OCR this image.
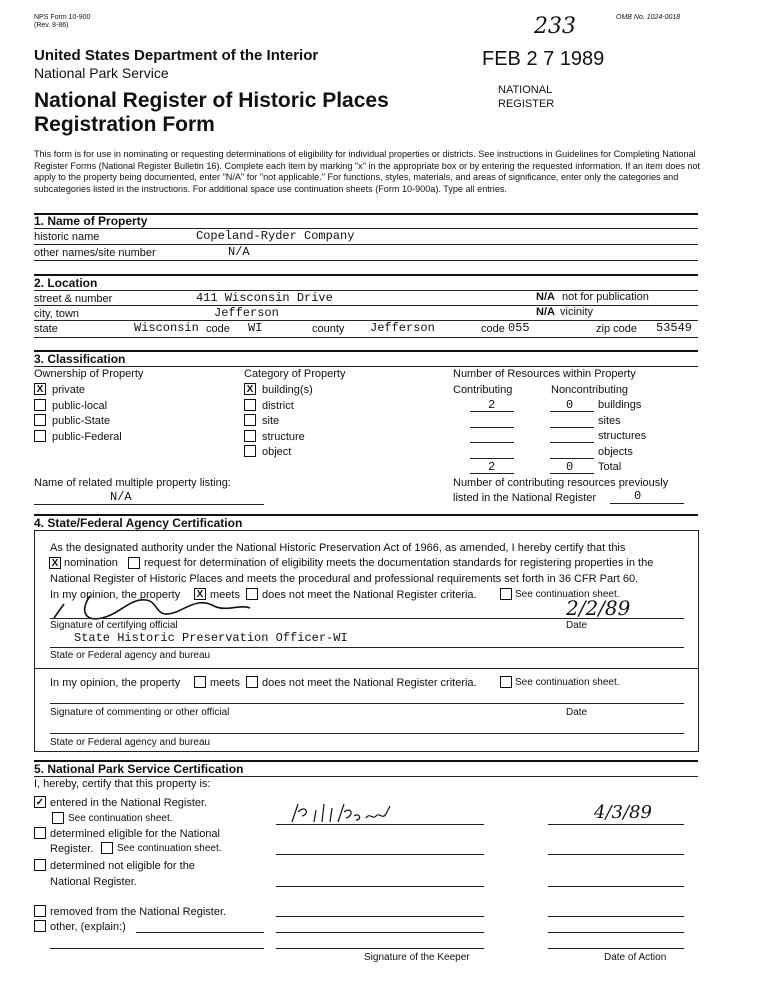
NPS Form 10-900
(Rev. 8-86)
OMB No. 1024-0018
233
FEB 2 7 1989
NATIONAL
REGISTER
United States Department of the Interior
National Park Service
National Register of Historic Places
Registration Form
This form is for use in nominating or requesting determinations of eligibility for individual properties or districts. See instructions in Guidelines for Completing National Register Forms (National Register Bulletin 16). Complete each item by marking "x" in the appropriate box or by entering the requested information. If an item does not apply to the property being documented, enter "N/A" for "not applicable." For functions, styles, materials, and areas of significance, enter only the categories and subcategories listed in the instructions. For additional space use continuation sheets (Form 10-900a). Type all entries.
1. Name of Property
historic name	Copeland-Ryder Company
other names/site number	N/A
2. Location
street & number	411 Wisconsin Drive	N/A not for publication
city, town	Jefferson	N/A vicinity
state	Wisconsin code WI	county Jefferson	code 055	zip code 53549
3. Classification
Ownership of Property
X private
public-local
public-State
public-Federal
Category of Property
X building(s)
district
site
structure
object
Number of Resources within Property
Contributing	Noncontributing
2	0 buildings
sites
structures
objects
2	0 Total
Name of related multiple property listing:
N/A
Number of contributing resources previously
listed in the National Register	0
4. State/Federal Agency Certification
As the designated authority under the National Historic Preservation Act of 1966, as amended, I hereby certify that this
X nomination request for determination of eligibility meets the documentation standards for registering properties in the
National Register of Historic Places and meets the procedural and professional requirements set forth in 36 CFR Part 60.
In my opinion, the property X meets does not meet the National Register criteria.	See continuation sheet.
2/2/89
Signature of certifying official	Date
State Historic Preservation Officer-WI
State or Federal agency and bureau
In my opinion, the property	meets does not meet the National Register criteria.	See continuation sheet.
Signature of commenting or other official	Date
State or Federal agency and bureau
5. National Park Service Certification
I, hereby, certify that this property is:
✓ entered in the National Register.
See continuation sheet.	4/3/89
determined eligible for the National
Register. See continuation sheet.
determined not eligible for the
National Register.
removed from the National Register.
other, (explain:)
Signature of the Keeper	Date of Action
